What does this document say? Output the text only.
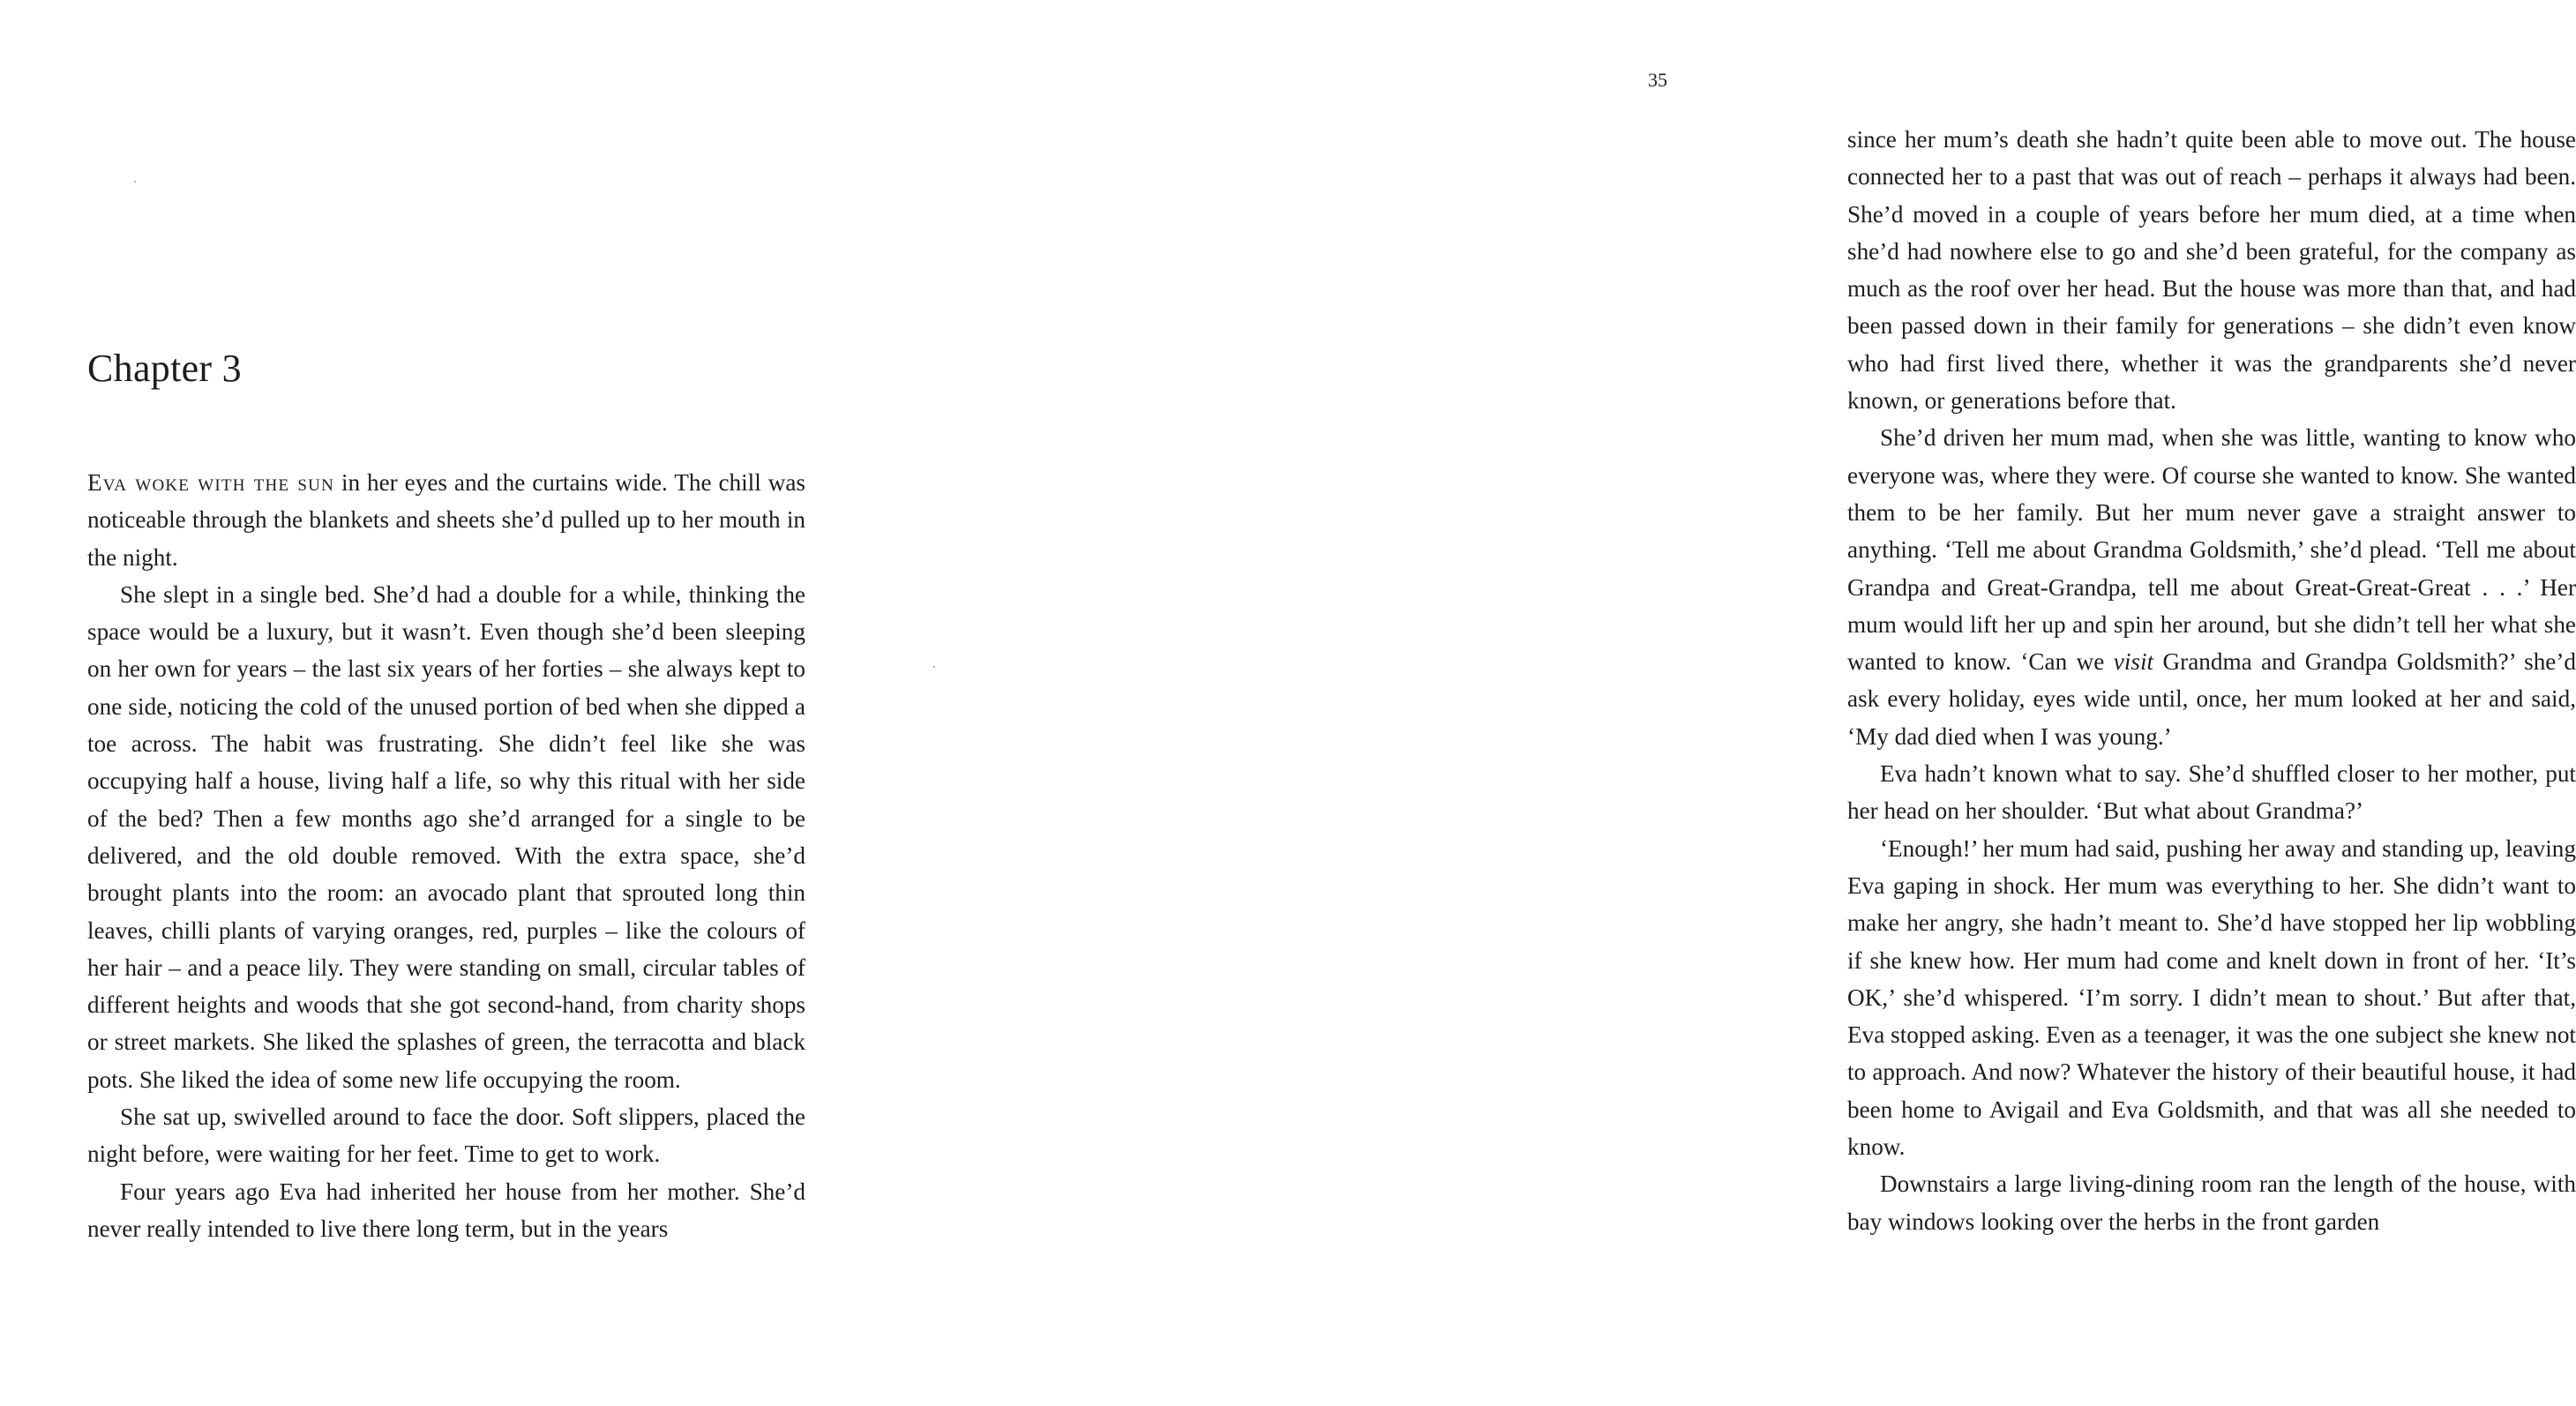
Chapter 3

Eva woke with the sun in her eyes and the curtains wide. The chill was noticeable through the blankets and sheets she’d pulled up to her mouth in the night.

She slept in a single bed. She’d had a double for a while, thinking the space would be a luxury, but it wasn’t. Even though she’d been sleeping on her own for years – the last six years of her forties – she always kept to one side, noticing the cold of the unused portion of bed when she dipped a toe across. The habit was frustrating. She didn’t feel like she was occupying half a house, living half a life, so why this ritual with her side of the bed? Then a few months ago she’d arranged for a single to be delivered, and the old double removed. With the extra space, she’d brought plants into the room: an avocado plant that sprouted long thin leaves, chilli plants of varying oranges, red, purples – like the colours of her hair – and a peace lily. They were standing on small, circular tables of different heights and woods that she got second-hand, from charity shops or street markets. She liked the splashes of green, the terracotta and black pots. She liked the idea of some new life occupying the room.

She sat up, swivelled around to face the door. Soft slippers, placed the night before, were waiting for her feet. Time to get to work.

Four years ago Eva had inherited her house from her mother. She’d never really intended to live there long term, but in the years

since her mum’s death she hadn’t quite been able to move out. The house connected her to a past that was out of reach – perhaps it always had been. She’d moved in a couple of years before her mum died, at a time when she’d had nowhere else to go and she’d been grateful, for the company as much as the roof over her head. But the house was more than that, and had been passed down in their family for generations – she didn’t even know who had first lived there, whether it was the grandparents she’d never known, or generations before that.

She’d driven her mum mad, when she was little, wanting to know who everyone was, where they were. Of course she wanted to know. She wanted them to be her family. But her mum never gave a straight answer to anything. ‘Tell me about Grandma Goldsmith,’ she’d plead. ‘Tell me about Grandpa and Great-Grandpa, tell me about Great-Great-Great . . .’ Her mum would lift her up and spin her around, but she didn’t tell her what she wanted to know. ‘Can we visit Grandma and Grandpa Goldsmith?’ she’d ask every holiday, eyes wide until, once, her mum looked at her and said, ‘My dad died when I was young.’

Eva hadn’t known what to say. She’d shuffled closer to her mother, put her head on her shoulder. ‘But what about Grandma?’

‘Enough!’ her mum had said, pushing her away and standing up, leaving Eva gaping in shock. Her mum was everything to her. She didn’t want to make her angry, she hadn’t meant to. She’d have stopped her lip wobbling if she knew how. Her mum had come and knelt down in front of her. ‘It’s OK,’ she’d whispered. ‘I’m sorry. I didn’t mean to shout.’ But after that, Eva stopped asking. Even as a teenager, it was the one subject she knew not to approach. And now? Whatever the history of their beautiful house, it had been home to Avigail and Eva Goldsmith, and that was all she needed to know.

Downstairs a large living-dining room ran the length of the house, with bay windows looking over the herbs in the front garden

35
